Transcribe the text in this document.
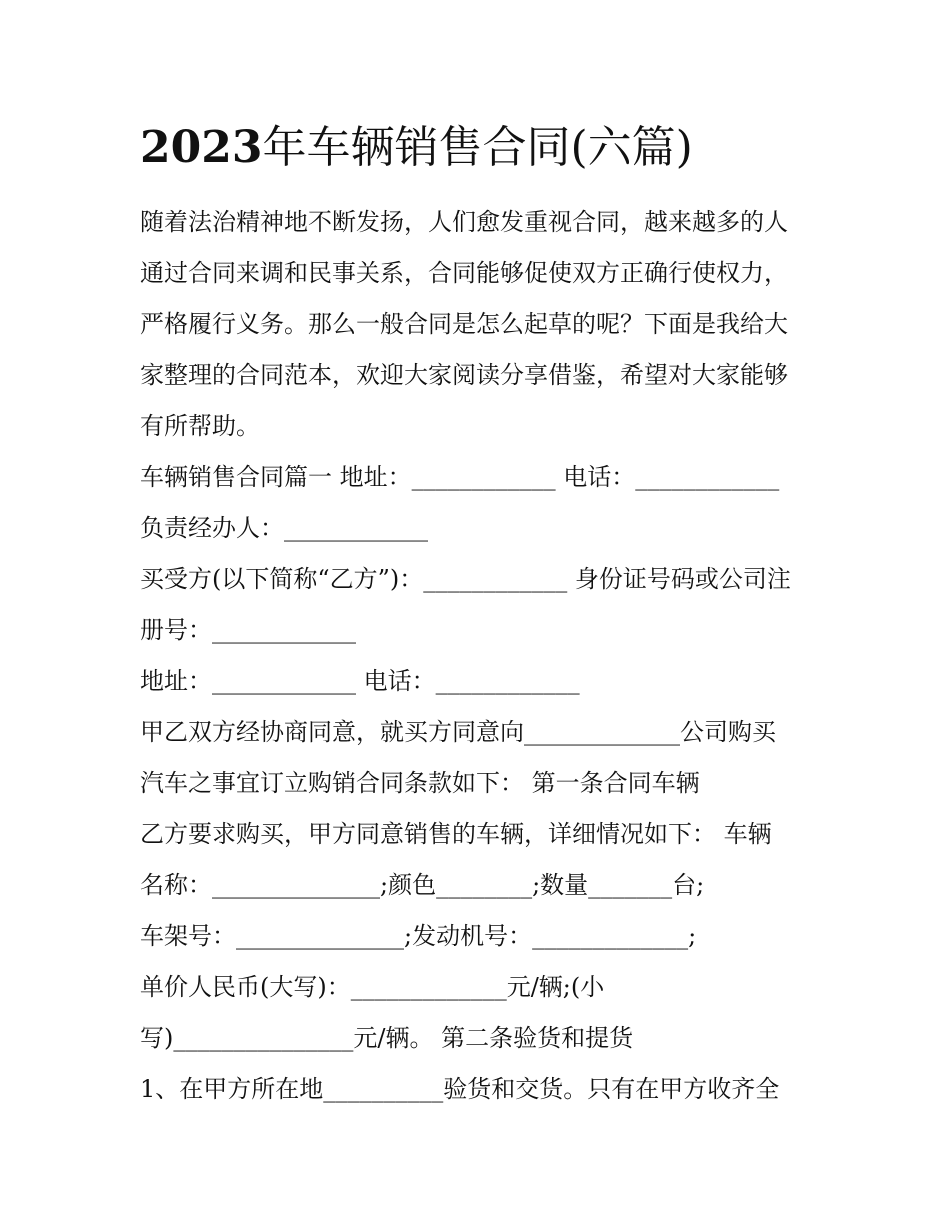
2023年车辆销售合同(六篇)

随着法治精神地不断发扬，人们愈发重视合同，越来越多的人

通过合同来调和民事关系，合同能够促使双方正确行使权力，

严格履行义务。那么一般合同是怎么起草的呢？下面是我给大

家整理的合同范本，欢迎大家阅读分享借鉴，希望对大家能够

有所帮助。

车辆销售合同篇一 地址：____________ 电话：____________

负责经办人：____________

买受方(以下简称“乙方”)：____________ 身份证号码或公司注

册号：____________

地址：____________ 电话：____________

甲乙双方经协商同意，就买方同意向_____________公司购买

汽车之事宜订立购销合同条款如下： 第一条合同车辆

乙方要求购买，甲方同意销售的车辆，详细情况如下： 车辆

名称：______________;颜色________;数量_______台;

车架号：______________;发动机号：_____________;

单价人民币(大写)：_____________元/辆;(小

写)_______________元/辆。 第二条验货和提货

1、在甲方所在地__________验货和交货。只有在甲方收齐全
